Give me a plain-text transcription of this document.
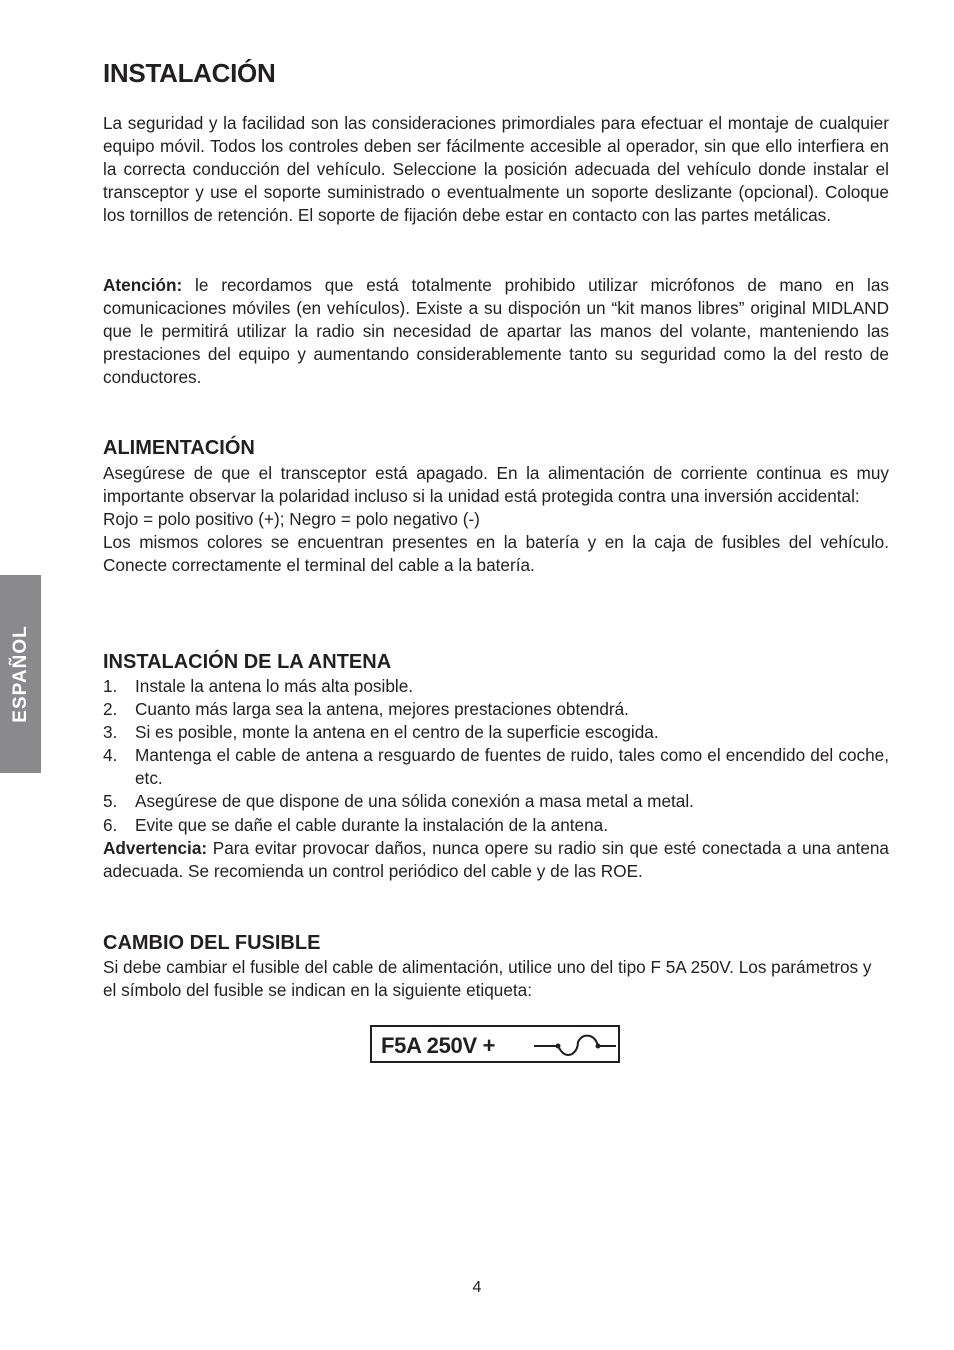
ESPAÑOL
INSTALACIÓN

La seguridad y la facilidad son las consideraciones primordiales para efectuar el montaje de cualquier equipo móvil. Todos los controles deben ser fácilmente accesible al operador, sin que ello interfiera en la correcta conducción del vehículo. Seleccione la posición adecuada del vehículo donde instalar el transceptor y use el soporte suministrado o eventualmente un soporte deslizante (opcional). Coloque los tornillos de retención. El soporte de fijación debe estar en contacto con las partes metálicas.

Atención: le recordamos que está totalmente prohibido utilizar micrófonos de mano en las comunicaciones móviles (en vehículos). Existe a su dispoción un “kit manos libres” original MIDLAND que le permitirá utilizar la radio sin necesidad de apartar las manos del volante, manteniendo las prestaciones del equipo y aumentando considerablemente tanto su seguridad como la del resto de conductores.

ALIMENTACIÓN

Asegúrese de que el transceptor está apagado. En la alimentación de corriente continua es muy importante observar la polaridad incluso si la unidad está protegida contra una inversión accidental:

Rojo = polo positivo (+); Negro = polo negativo (-)

Los mismos colores se encuentran presentes en la batería y en la caja de fusibles del vehículo. Conecte correctamente el terminal del cable a la batería.

INSTALACIÓN DE LA ANTENA
1. Instale la antena lo más alta posible.
2. Cuanto más larga sea la antena, mejores prestaciones obtendrá.
3. Si es posible, monte la antena en el centro de la superficie escogida.
4. Mantenga el cable de antena a resguardo de fuentes de ruido, tales como el encendido del coche, etc.
5. Asegúrese de que dispone de una sólida conexión a masa metal a metal.
6. Evite que se dañe el cable durante la instalación de la antena.

Advertencia: Para evitar provocar daños, nunca opere su radio sin que esté conectada a una antena adecuada. Se recomienda un control periódico del cable y de las ROE.

CAMBIO DEL FUSIBLE

Si debe cambiar el fusible del cable de alimentación, utilice uno del tipo F 5A 250V. Los parámetros y el símbolo del fusible se indican en la siguiente etiqueta:

F5A 250V +
4
